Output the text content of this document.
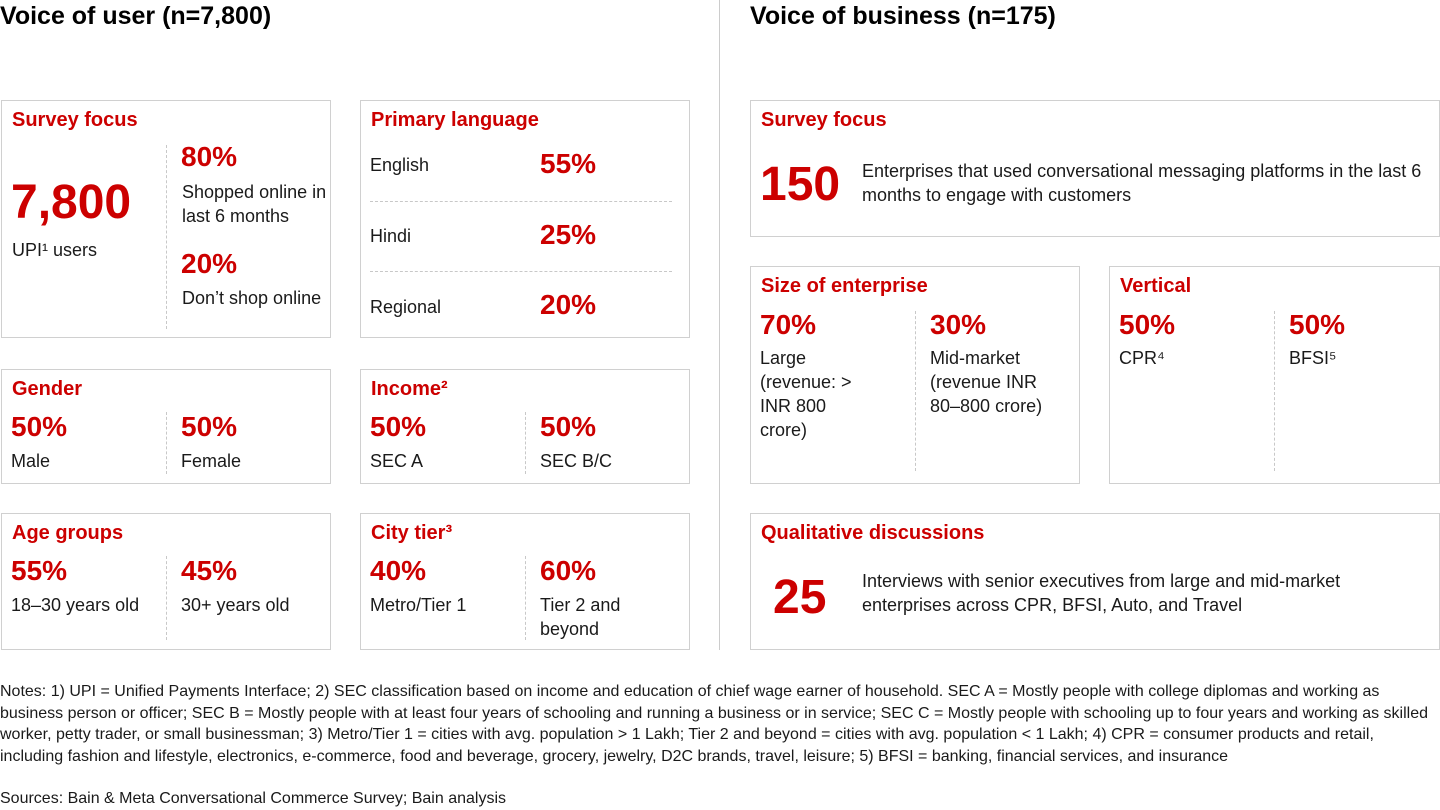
Voice of user (n=7,800)	Voice of business (n=175)
Survey focus
7,800
UPI¹ users
80%
Shopped online in last 6 months
20%
Don’t shop online
Primary language
English	55%
Hindi	25%
Regional	20%
Gender
50%
Male
50%
Female
Income²
50%
SEC A
50%
SEC B/C
Age groups
55%
18–30 years old
45%
30+ years old
City tier³
40%
Metro/Tier 1
60%
Tier 2 and beyond
Survey focus
150 Enterprises that used conversational messaging platforms in the last 6 months to engage with customers
Size of enterprise
70%
Large (revenue: > INR 800 crore)
30%
Mid-market (revenue INR 80–800 crore)
Vertical
50%
CPR⁴
50%
BFSI⁵
Qualitative discussions
25 Interviews with senior executives from large and mid-market enterprises across CPR, BFSI, Auto, and Travel
Notes: 1) UPI = Unified Payments Interface; 2) SEC classification based on income and education of chief wage earner of household. SEC A = Mostly people with college diplomas and working as business person or officer; SEC B = Mostly people with at least four years of schooling and running a business or in service; SEC C = Mostly people with schooling up to four years and working as skilled worker, petty trader, or small businessman; 3) Metro/Tier 1 = cities with avg. population > 1 Lakh; Tier 2 and beyond = cities with avg. population < 1 Lakh; 4) CPR = consumer products and retail, including fashion and lifestyle, electronics, e-commerce, food and beverage, grocery, jewelry, D2C brands, travel, leisure; 5) BFSI = banking, financial services, and insurance
Sources: Bain & Meta Conversational Commerce Survey; Bain analysis
